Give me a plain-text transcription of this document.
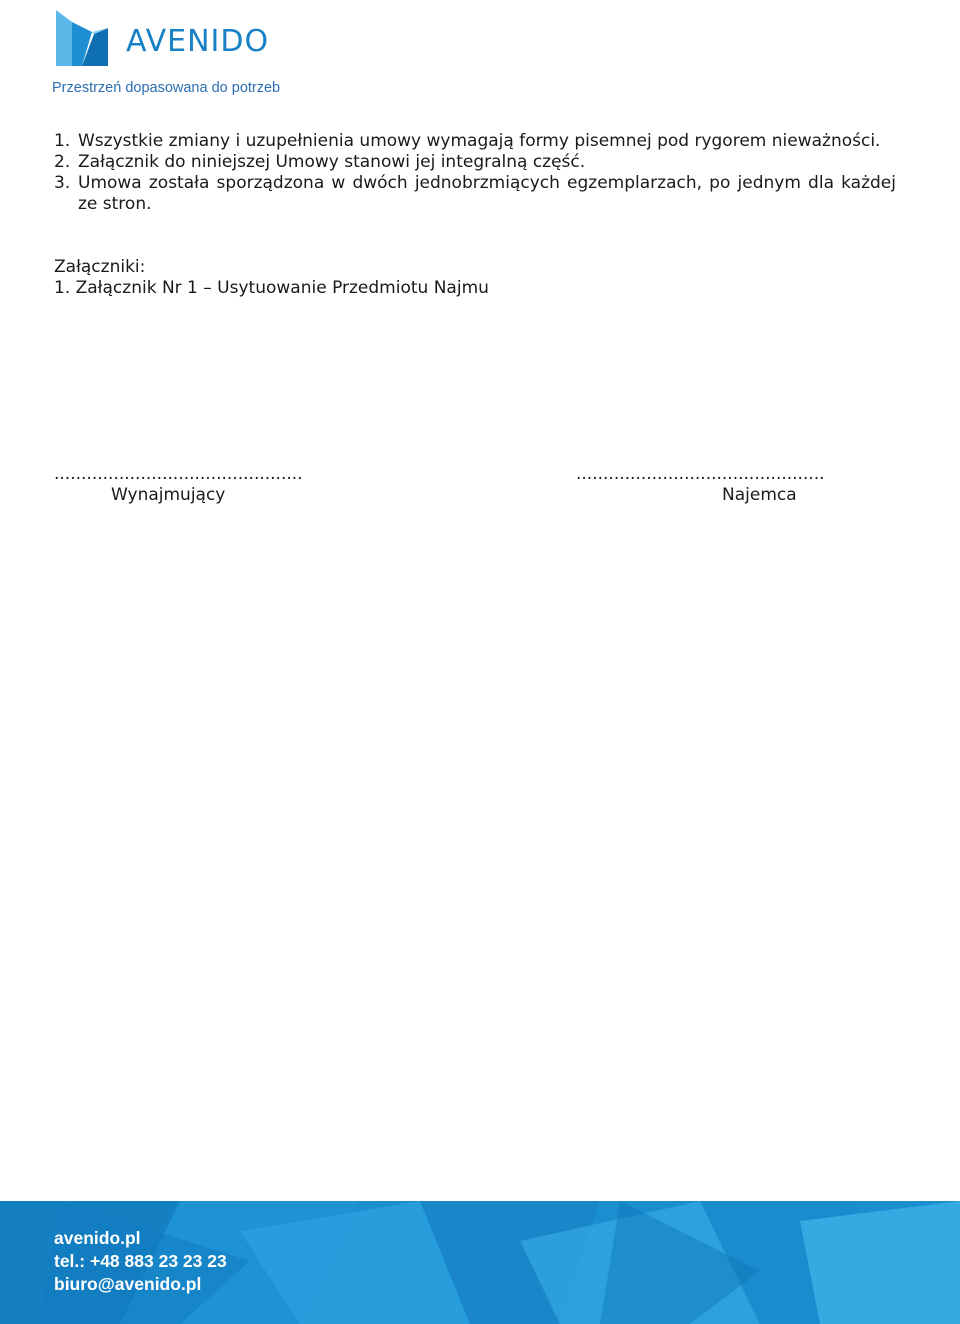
AVENIDO
Przestrzeń dopasowana do potrzeb
1. Wszystkie zmiany i uzupełnienia umowy wymagają formy pisemnej pod rygorem nieważności.
2. Załącznik do niniejszej Umowy stanowi jej integralną część.
3. Umowa została sporządzona w dwóch jednobrzmiących egzemplarzach, po jednym dla każdej ze stron.
Załączniki:
1. Załącznik Nr 1 – Usytuowanie Przedmiotu Najmu
..............................................
Wynajmujący
..............................................
Najemca
avenido.pl
tel.: +48 883 23 23 23
biuro@avenido.pl
